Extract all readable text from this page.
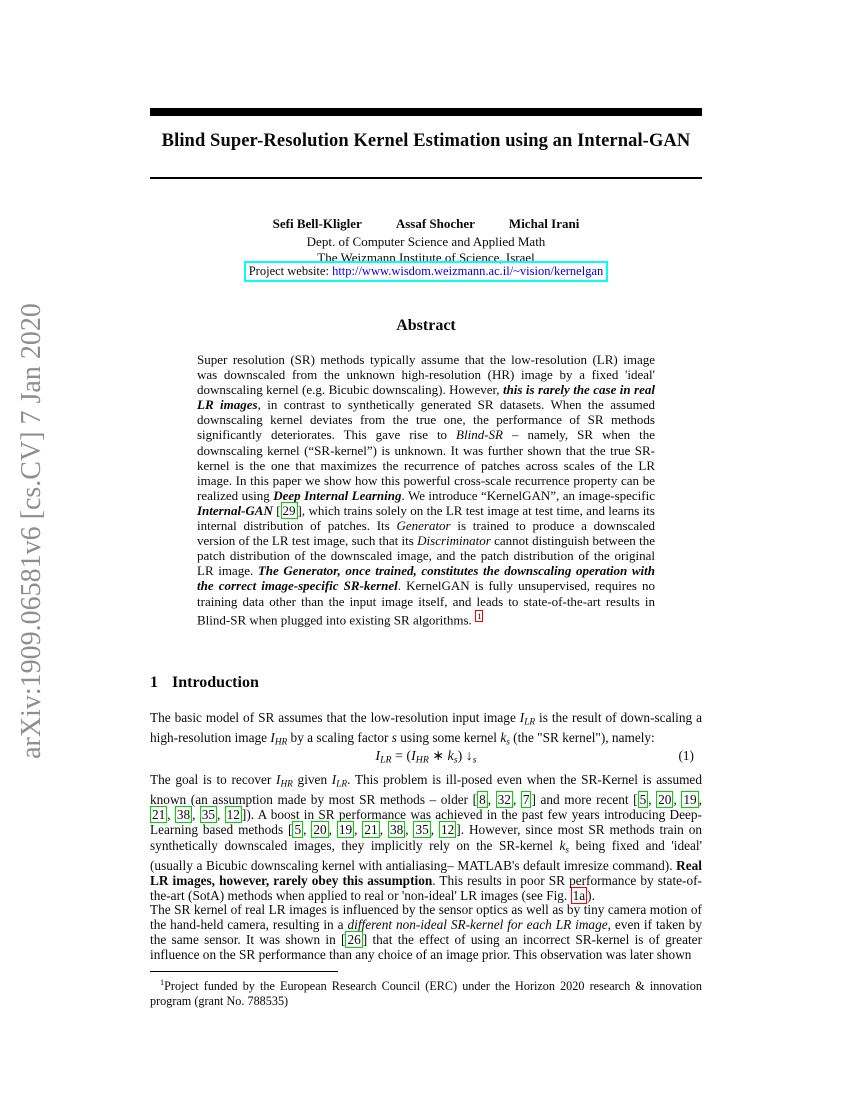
arXiv:1909.06581v6 [cs.CV] 7 Jan 2020
Blind Super-Resolution Kernel Estimation using an Internal-GAN
Sefi Bell-Kligler	Assaf Shocher	Michal Irani
Dept. of Computer Science and Applied Math
The Weizmann Institute of Science, Israel
Project website: http://www.wisdom.weizmann.ac.il/~vision/kernelgan
Abstract
Super resolution (SR) methods typically assume that the low-resolution (LR) image was downscaled from the unknown high-resolution (HR) image by a fixed 'ideal' downscaling kernel (e.g. Bicubic downscaling). However, this is rarely the case in real LR images, in contrast to synthetically generated SR datasets. When the assumed downscaling kernel deviates from the true one, the performance of SR methods significantly deteriorates. This gave rise to Blind-SR – namely, SR when the downscaling kernel (“SR-kernel”) is unknown. It was further shown that the true SR-kernel is the one that maximizes the recurrence of patches across scales of the LR image. In this paper we show how this powerful cross-scale recurrence property can be realized using Deep Internal Learning. We introduce “KernelGAN”, an image-specific Internal-GAN [ 29 ], which trains solely on the LR test image at test time, and learns its internal distribution of patches. Its Generator is trained to produce a downscaled version of the LR test image, such that its Discriminator cannot distinguish between the patch distribution of the downscaled image, and the patch distribution of the original LR image. The Generator, once trained, constitutes the downscaling operation with the correct image-specific SR-kernel. KernelGAN is fully unsupervised, requires no training data other than the input image itself, and leads to state-of-the-art results in Blind-SR when plugged into existing SR algorithms. $^1$
1 Introduction
The basic model of SR assumes that the low-resolution input image ILR is the result of down-scaling a high-resolution image IHR by a scaling factor s using some kernel ks (the "SR kernel"), namely:
ILR = (IHR ∗ ks) ↓s	(1)
The goal is to recover IHR given ILR. This problem is ill-posed even when the SR-Kernel is assumed known (an assumption made by most SR methods – older [ 8 , 32 , 7 ] and more recent [ 5 , 20 , 19 , 21 , 38 , 35 , 12 ]). A boost in SR performance was achieved in the past few years introducing Deep-Learning based methods [ 5 , 20 , 19 , 21 , 38 , 35 , 12 ]. However, since most SR methods train on synthetically downscaled images, they implicitly rely on the SR-kernel ks being fixed and 'ideal' (usually a Bicubic downscaling kernel with antialiasing– MATLAB's default imresize command). Real LR images, however, rarely obey this assumption. This results in poor SR performance by state-of-the-art (SotA) methods when applied to real or 'non-ideal' LR images (see Fig. 1a ).
The SR kernel of real LR images is influenced by the sensor optics as well as by tiny camera motion of the hand-held camera, resulting in a different non-ideal SR-kernel for each LR image, even if taken by the same sensor. It was shown in [ 26 ] that the effect of using an incorrect SR-kernel is of greater influence on the SR performance than any choice of an image prior. This observation was later shown
$^1$Project funded by the European Research Council (ERC) under the Horizon 2020 research & innovation program (grant No. 788535)
